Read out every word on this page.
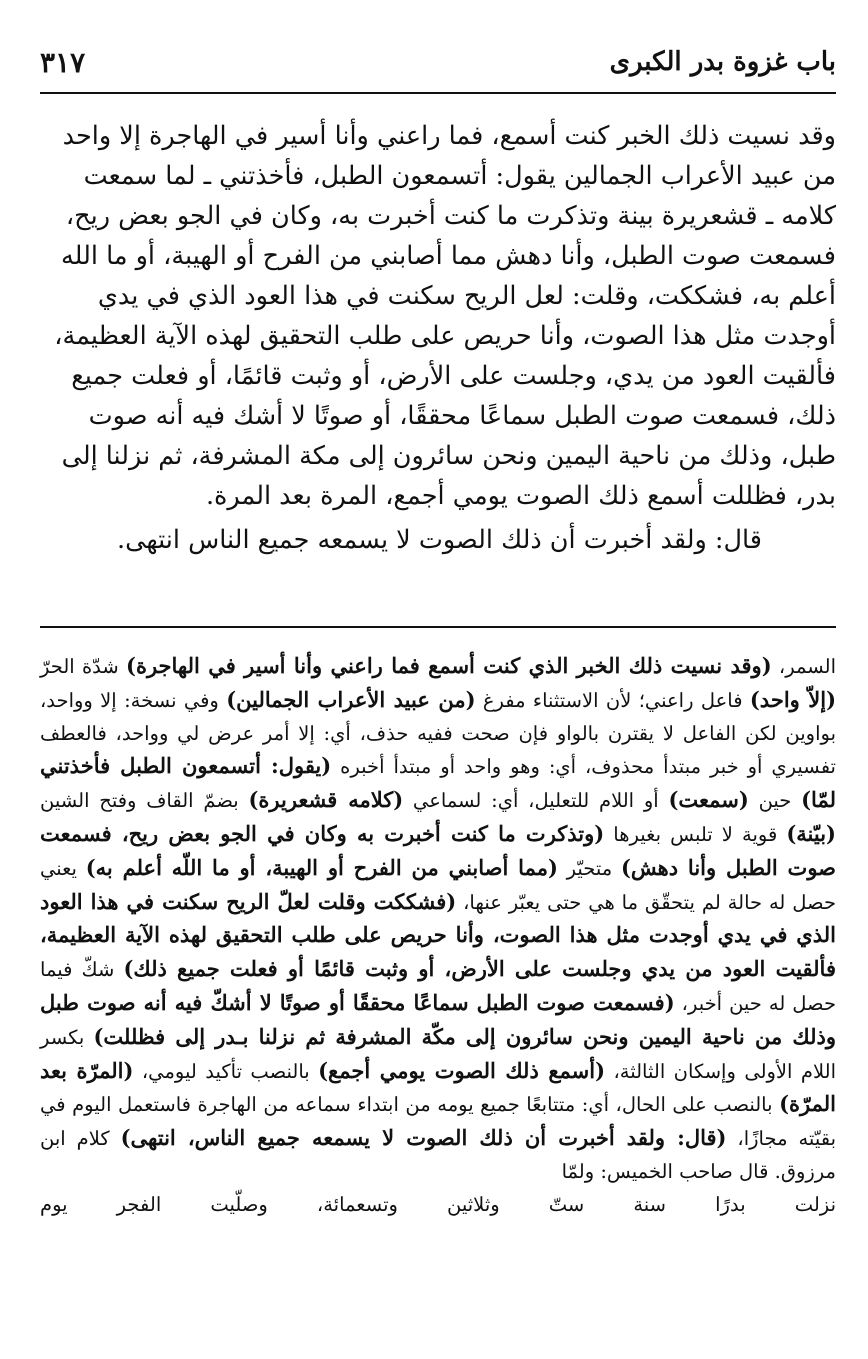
باب غزوة بدر الكبرى
٣١٧

وقد نسيت ذلك الخبر كنت أسمع، فما راعني وأنا أسير في الهاجرة إلا واحد من عبيد الأعراب الجمالين يقول: أتسمعون الطبل، فأخذتني ـ لما سمعت كلامه ـ قشعريرة بينة وتذكرت ما كنت أخبرت به، وكان في الجو بعض ريح، فسمعت صوت الطبل، وأنا دهش مما أصابني من الفرح أو الهيبة، أو ما الله أعلم به، فشككت، وقلت: لعل الريح سكنت في هذا العود الذي في يدي أوجدت مثل هذا الصوت، وأنا حريص على طلب التحقيق لهذه الآية العظيمة، فألقيت العود من يدي، وجلست على الأرض، أو وثبت قائمًا، أو فعلت جميع ذلك، فسمعت صوت الطبل سماعًا محققًا، أو صوتًا لا أشك فيه أنه صوت طبل، وذلك من ناحية اليمين ونحن سائرون إلى مكة المشرفة، ثم نزلنا إلى بدر، فظللت أسمع ذلك الصوت يومي أجمع، المرة بعد المرة.

قال: ولقد أخبرت أن ذلك الصوت لا يسمعه جميع الناس انتهى.

السمر، (وقد نسيت ذلك الخبر الذي كنت أسمع فما راعني وأنا أسير في الهاجرة) شدّة الحرّ (إلاّ واحد) فاعل راعني؛ لأن الاستثناء مفرغ (من عبيد الأعراب الجمالين) وفي نسخة: إلا وواحد، بواوين لكن الفاعل لا يقترن بالواو فإن صحت ففيه حذف، أي: إلا أمر عرض لي وواحد، فالعطف تفسيري أو خبر مبتدأ محذوف، أي: وهو واحد أو مبتدأ أخبره (يقول: أتسمعون الطبل فأخذتني لمّا) حين (سمعت) أو اللام للتعليل، أي: لسماعي (كلامه قشعريرة) بضمّ القاف وفتح الشين (بيّنة) قوية لا تلبس بغيرها (وتذكرت ما كنت أخبرت به وكان في الجو بعض ريح، فسمعت صوت الطبل وأنا دهش) متحيّر (مما أصابني من الفرح أو الهيبة، أو ما اللّه أعلم به) يعني حصل له حالة لم يتحقّق ما هي حتى يعبّر عنها، (فشككت وقلت لعلّ الريح سكنت في هذا العود الذي في يدي أوجدت مثل هذا الصوت، وأنا حريص على طلب التحقيق لهذه الآية العظيمة، فألقيت العود من يدي وجلست على الأرض، أو وثبت قائمًا أو فعلت جميع ذلك) شكّ فيما حصل له حين أخبر، (فسمعت صوت الطبل سماعًا محققًا أو صوتًا لا أشكّ فيه أنه صوت طبل وذلك من ناحية اليمين ونحن سائرون إلى مكّة المشرفة ثم نزلنا بـدر إلى فظللت) بكسر اللام الأولى وإسكان الثالثة، (أسمع ذلك الصوت يومي أجمع) بالنصب تأكيد ليومي، (المرّة بعد المرّة) بالنصب على الحال، أي: متتابعًا جميع يومه من ابتداء سماعه من الهاجرة فاستعمل اليوم في بقيّته مجازًا، (قال: ولقد أخبرت أن ذلك الصوت لا يسمعه جميع الناس، انتهى) كلام ابن مرزوق. قال صاحب الخميس: ولمّا

نزلت بدرًا سنة ستّ وثلاثين وتسعمائة، وصلّيت الفجر يوم
